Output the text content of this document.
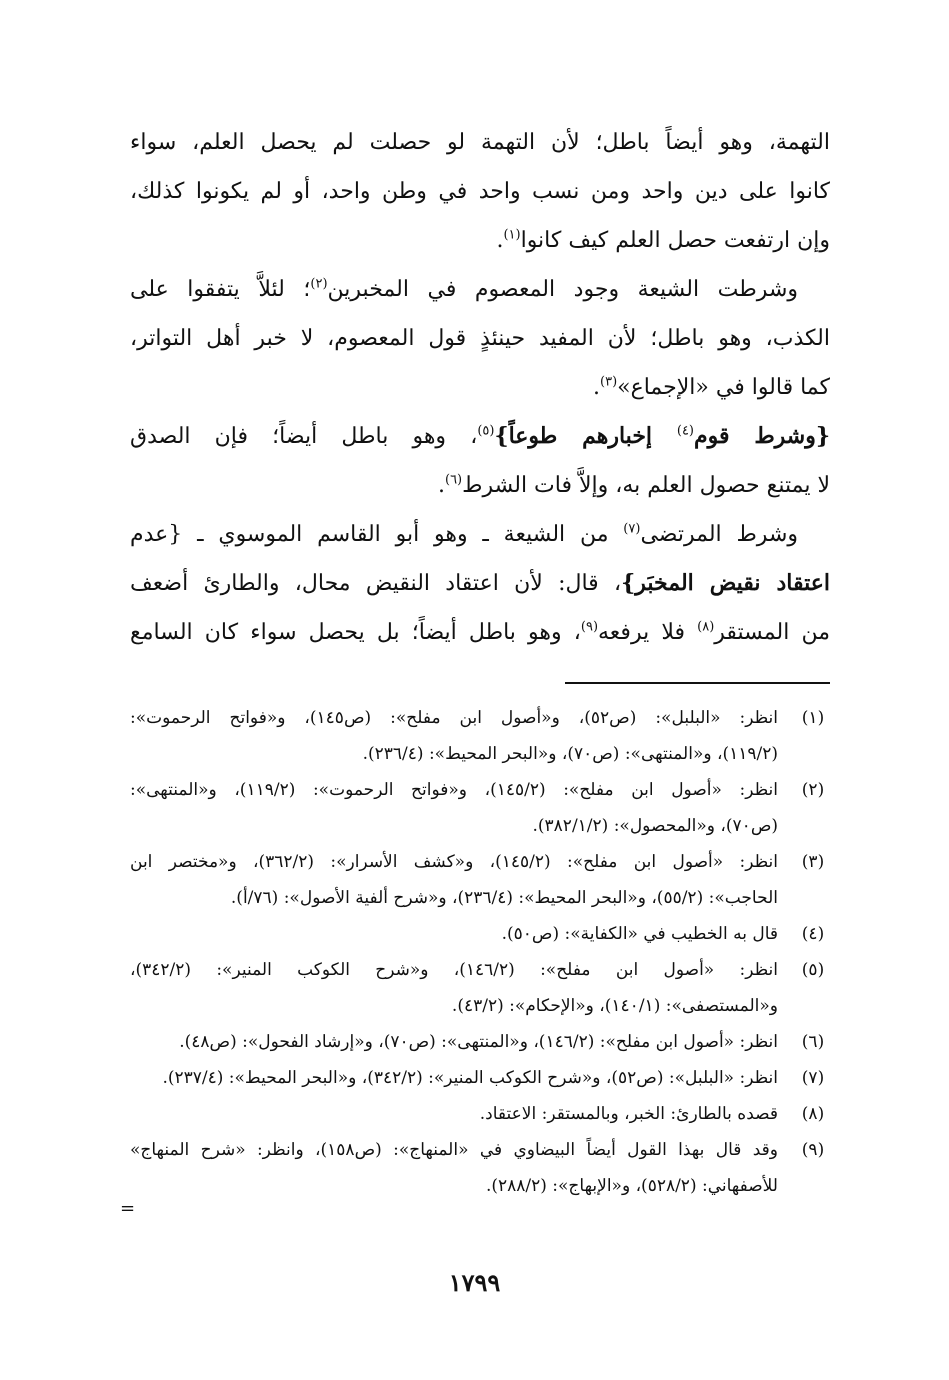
التهمة، وهو أيضاً باطل؛ لأن التهمة لو حصلت لم يحصل العلم، سواء
كانوا على دين واحد ومن نسب واحد في وطن واحد، أو لم يكونوا كذلك،
وإن ارتفعت حصل العلم كيف كانوا$^{(١)}$.
وشرطت الشيعة وجود المعصوم في المخبرين$^{(٢)}$؛ لئلاَّ يتفقوا على
الكذب، وهو باطل؛ لأن المفيد حينئذٍ قول المعصوم، لا خبر أهل التواتر،
كما قالوا في «الإجماع»$^{(٣)}$.
{وشرط قوم$^{(٤)}$ إخبارهم طوعاً}$^{(٥)}$، وهو باطل أيضاً؛ فإن الصدق
لا يمتنع حصول العلم به، وإلاَّ فات الشرط$^{(٦)}$.
وشرط المرتضى$^{(٧)}$ من الشيعة ـ وهو أبو القاسم الموسوي ـ {عدم
اعتقاد نقيض المخبَر}، قال: لأن اعتقاد النقيض محال، والطارئ أضعف
من المستقر$^{(٨)}$ فلا يرفعه$^{(٩)}$، وهو باطل أيضاً؛ بل يحصل سواء كان السامع
(١)
انظر: «البلبل»: (ص٥٢)، و«أصول ابن مفلح»: (ص١٤٥)، و«فواتح الرحموت»:
(١١٩/٢)، و«المنتهى»: (ص٧٠)، و«البحر المحيط»: (٢٣٦/٤).
(٢)
انظر: «أصول ابن مفلح»: (١٤٥/٢)، و«فواتح الرحموت»: (١١٩/٢)، و«المنتهى»:
(ص٧٠)، و«المحصول»: (٣٨٢/١/٢).
(٣)
انظر: «أصول ابن مفلح»: (١٤٥/٢)، و«كشف الأسرار»: (٣٦٢/٢)، و«مختصر ابن
الحاجب»: (٥٥/٢)، و«البحر المحيط»: (٢٣٦/٤)، و«شرح ألفية الأصول»: (٧٦/أ).
(٤)
قال به الخطيب في «الكفاية»: (ص٥٠).
(٥)
انظر: «أصول ابن مفلح»: (١٤٦/٢)، و«شرح الكوكب المنير»: (٣٤٢/٢)،
و«المستصفى»: (١٤٠/١)، و«الإحكام»: (٤٣/٢).
(٦)
انظر: «أصول ابن مفلح»: (١٤٦/٢)، و«المنتهى»: (ص٧٠)، و«إرشاد الفحول»: (ص٤٨).
(٧)
انظر: «البلبل»: (ص٥٢)، و«شرح الكوكب المنير»: (٣٤٢/٢)، و«البحر المحيط»: (٢٣٧/٤).
(٨)
قصده بالطارئ: الخبر، وبالمستقر: الاعتقاد.
(٩)
وقد قال بهذا القول أيضاً البيضاوي في «المنهاج»: (ص١٥٨)، وانظر: «شرح المنهاج»
للأصفهاني: (٥٢٨/٢)، و«الإبهاج»: (٢٨٨/٢).
=
١٧٩٩
